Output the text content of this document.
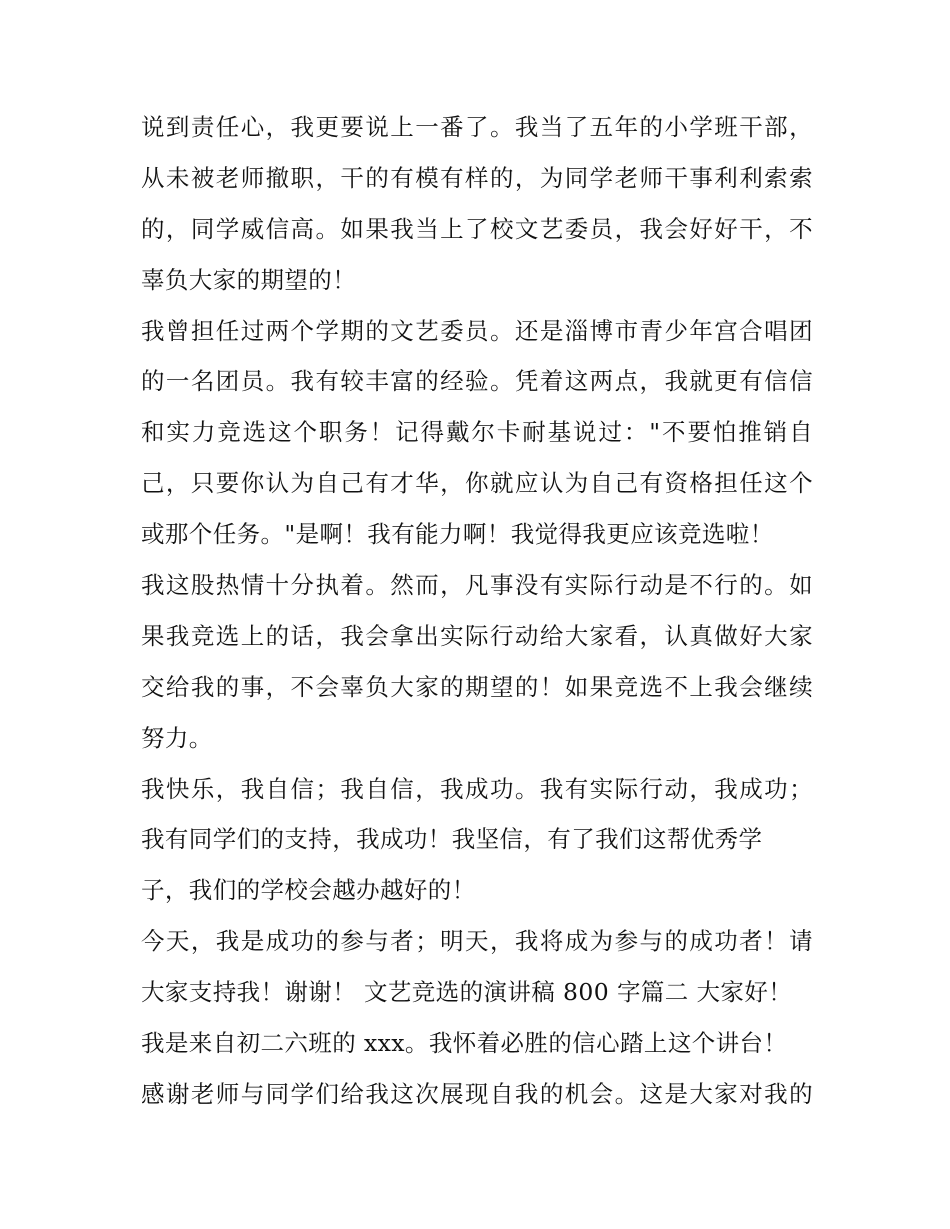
说到责任心，我更要说上一番了。我当了五年的小学班干部，
从未被老师撤职，干的有模有样的，为同学老师干事利利索索
的，同学威信高。如果我当上了校文艺委员，我会好好干，不
辜负大家的期望的！
我曾担任过两个学期的文艺委员。还是淄博市青少年宫合唱团
的一名团员。我有较丰富的经验。凭着这两点，我就更有信信
和实力竞选这个职务！记得戴尔卡耐基说过："不要怕推销自
己，只要你认为自己有才华，你就应认为自己有资格担任这个
或那个任务。"是啊！我有能力啊！我觉得我更应该竞选啦！
我这股热情十分执着。然而，凡事没有实际行动是不行的。如
果我竞选上的话，我会拿出实际行动给大家看，认真做好大家
交给我的事，不会辜负大家的期望的！如果竞选不上我会继续
努力。
我快乐，我自信；我自信，我成功。我有实际行动，我成功；
我有同学们的支持，我成功！我坚信，有了我们这帮优秀学
子，我们的学校会越办越好的！
今天，我是成功的参与者；明天，我将成为参与的成功者！请
大家支持我！谢谢！ 文艺竞选的演讲稿 800 字篇二 大家好！
我是来自初二六班的 xxx。我怀着必胜的信心踏上这个讲台！
感谢老师与同学们给我这次展现自我的机会。这是大家对我的
